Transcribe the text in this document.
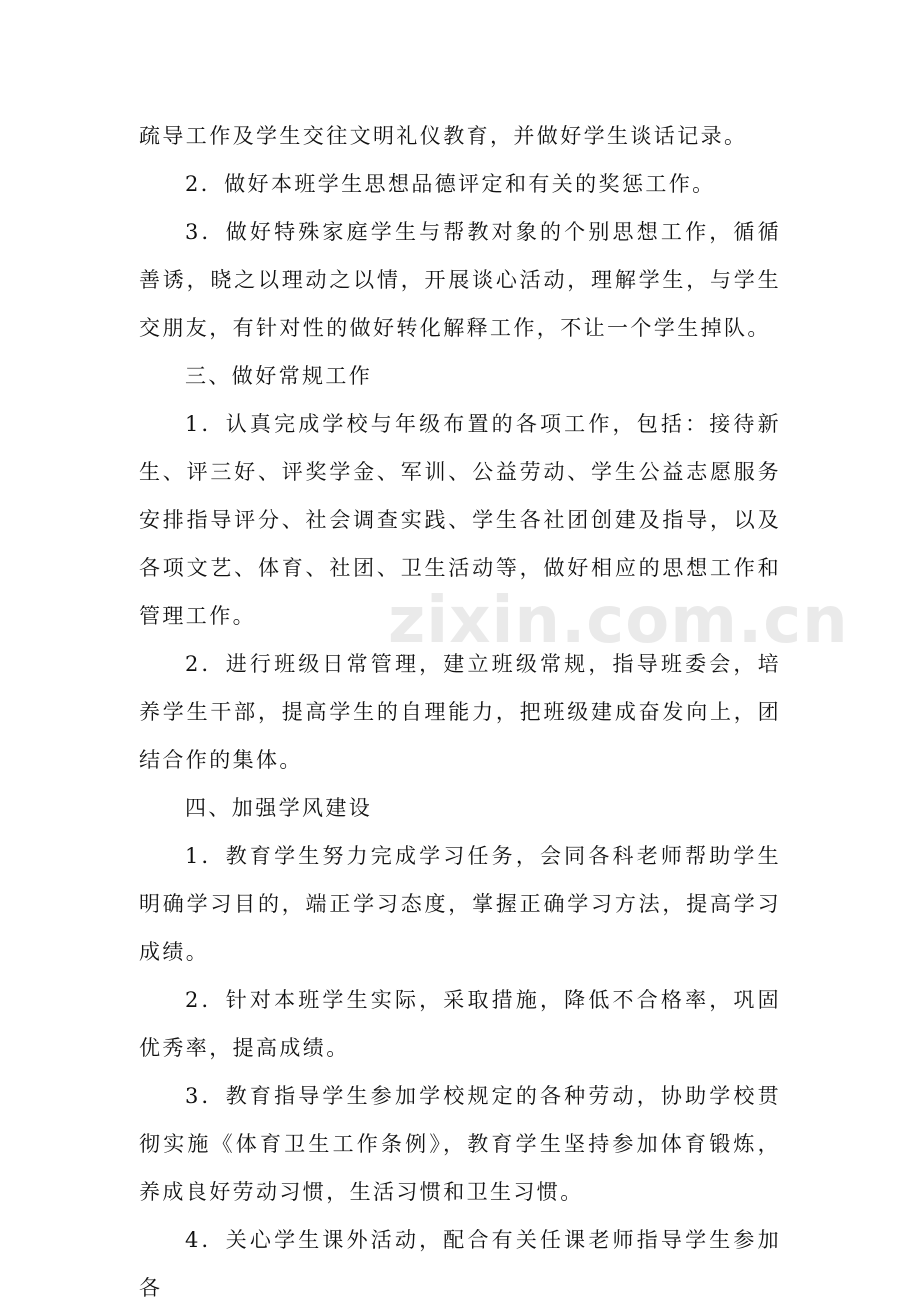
疏导工作及学生交往文明礼仪教育，并做好学生谈话记录。

2．做好本班学生思想品德评定和有关的奖惩工作。

3．做好特殊家庭学生与帮教对象的个别思想工作，循循善诱，晓之以理动之以情，开展谈心活动，理解学生，与学生交朋友，有针对性的做好转化解释工作，不让一个学生掉队。

三、做好常规工作

1．认真完成学校与年级布置的各项工作，包括：接待新生、评三好、评奖学金、军训、公益劳动、学生公益志愿服务安排指导评分、社会调查实践、学生各社团创建及指导，以及各项文艺、体育、社团、卫生活动等，做好相应的思想工作和管理工作。

2．进行班级日常管理，建立班级常规，指导班委会，培养学生干部，提高学生的自理能力，把班级建成奋发向上，团结合作的集体。

四、加强学风建设

1．教育学生努力完成学习任务，会同各科老师帮助学生明确学习目的，端正学习态度，掌握正确学习方法，提高学习成绩。

2．针对本班学生实际，采取措施，降低不合格率，巩固优秀率，提高成绩。

3．教育指导学生参加学校规定的各种劳动，协助学校贯彻实施《体育卫生工作条例》，教育学生坚持参加体育锻炼，养成良好劳动习惯，生活习惯和卫生习惯。

4．关心学生课外活动，配合有关任课老师指导学生参加各

zixin.com.cn
